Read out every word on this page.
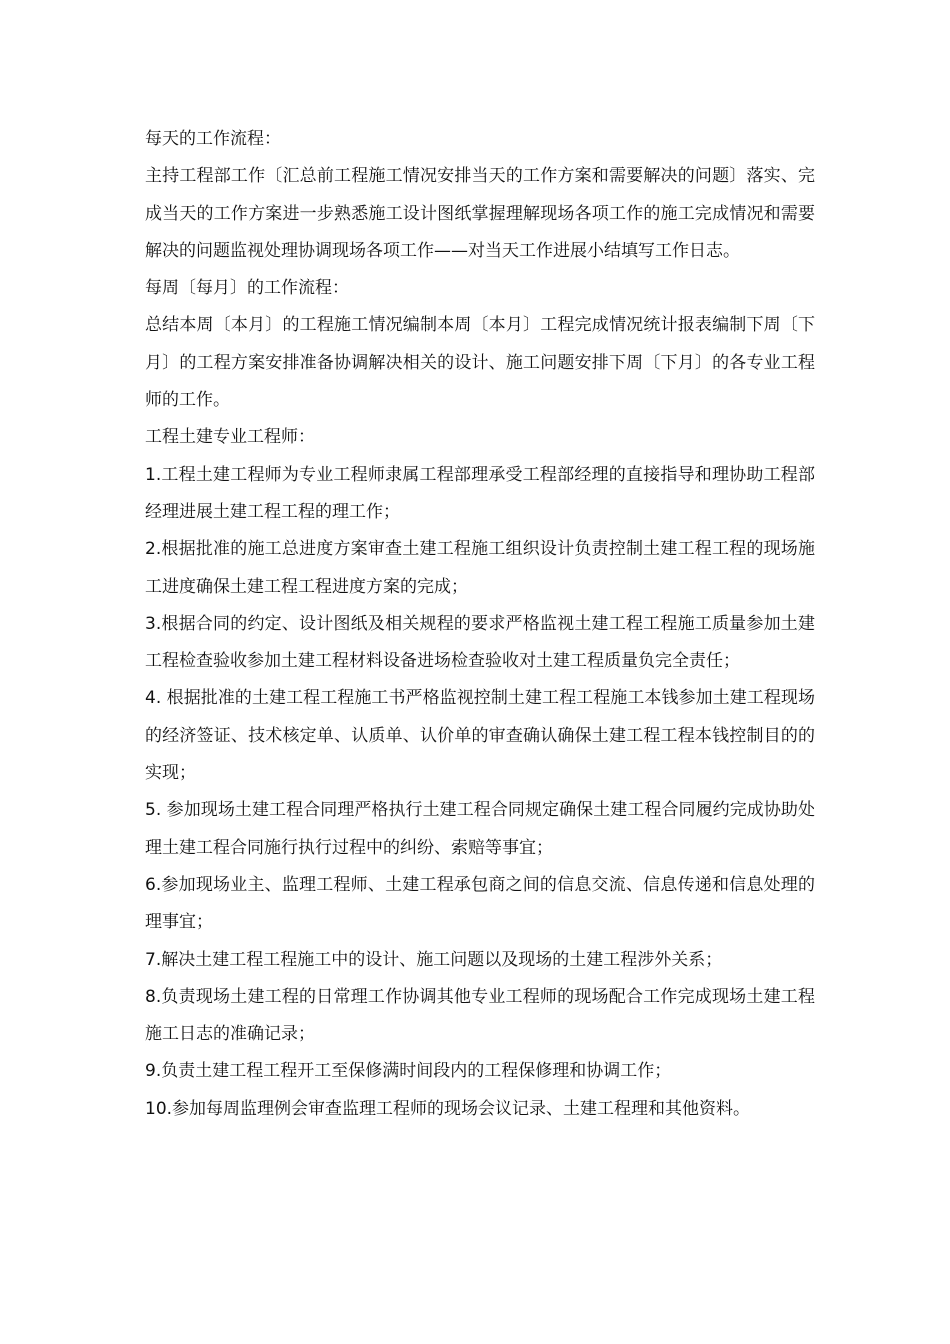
每天的工作流程：

主持工程部工作〔汇总前工程施工情况安排当天的工作方案和需要解决的问题〕落实、完成当天的工作方案进一步熟悉施工设计图纸掌握理解现场各项工作的施工完成情况和需要解决的问题监视处理协调现场各项工作——对当天工作进展小结填写工作日志。

每周〔每月〕的工作流程：

总结本周〔本月〕的工程施工情况编制本周〔本月〕工程完成情况统计报表编制下周〔下月〕的工程方案安排准备协调解决相关的设计、施工问题安排下周〔下月〕的各专业工程师的工作。

工程土建专业工程师：

1.工程土建工程师为专业工程师隶属工程部理承受工程部经理的直接指导和理协助工程部经理进展土建工程工程的理工作；

2.根据批准的施工总进度方案审查土建工程施工组织设计负责控制土建工程工程的现场施工进度确保土建工程工程进度方案的完成；

3.根据合同的约定、设计图纸及相关规程的要求严格监视土建工程工程施工质量参加土建工程检查验收参加土建工程材料设备进场检查验收对土建工程质量负完全责任；

4. 根据批准的土建工程工程施工书严格监视控制土建工程工程施工本钱参加土建工程现场的经济签证、技术核定单、认质单、认价单的审查确认确保土建工程工程本钱控制目的的实现；

5. 参加现场土建工程合同理严格执行土建工程合同规定确保土建工程合同履约完成协助处理土建工程合同施行执行过程中的纠纷、索赔等事宜；

6.参加现场业主、监理工程师、土建工程承包商之间的信息交流、信息传递和信息处理的理事宜；

7.解决土建工程工程施工中的设计、施工问题以及现场的土建工程涉外关系；

8.负责现场土建工程的日常理工作协调其他专业工程师的现场配合工作完成现场土建工程施工日志的准确记录；

9.负责土建工程工程开工至保修满时间段内的工程保修理和协调工作；

10.参加每周监理例会审查监理工程师的现场会议记录、土建工程理和其他资料。
